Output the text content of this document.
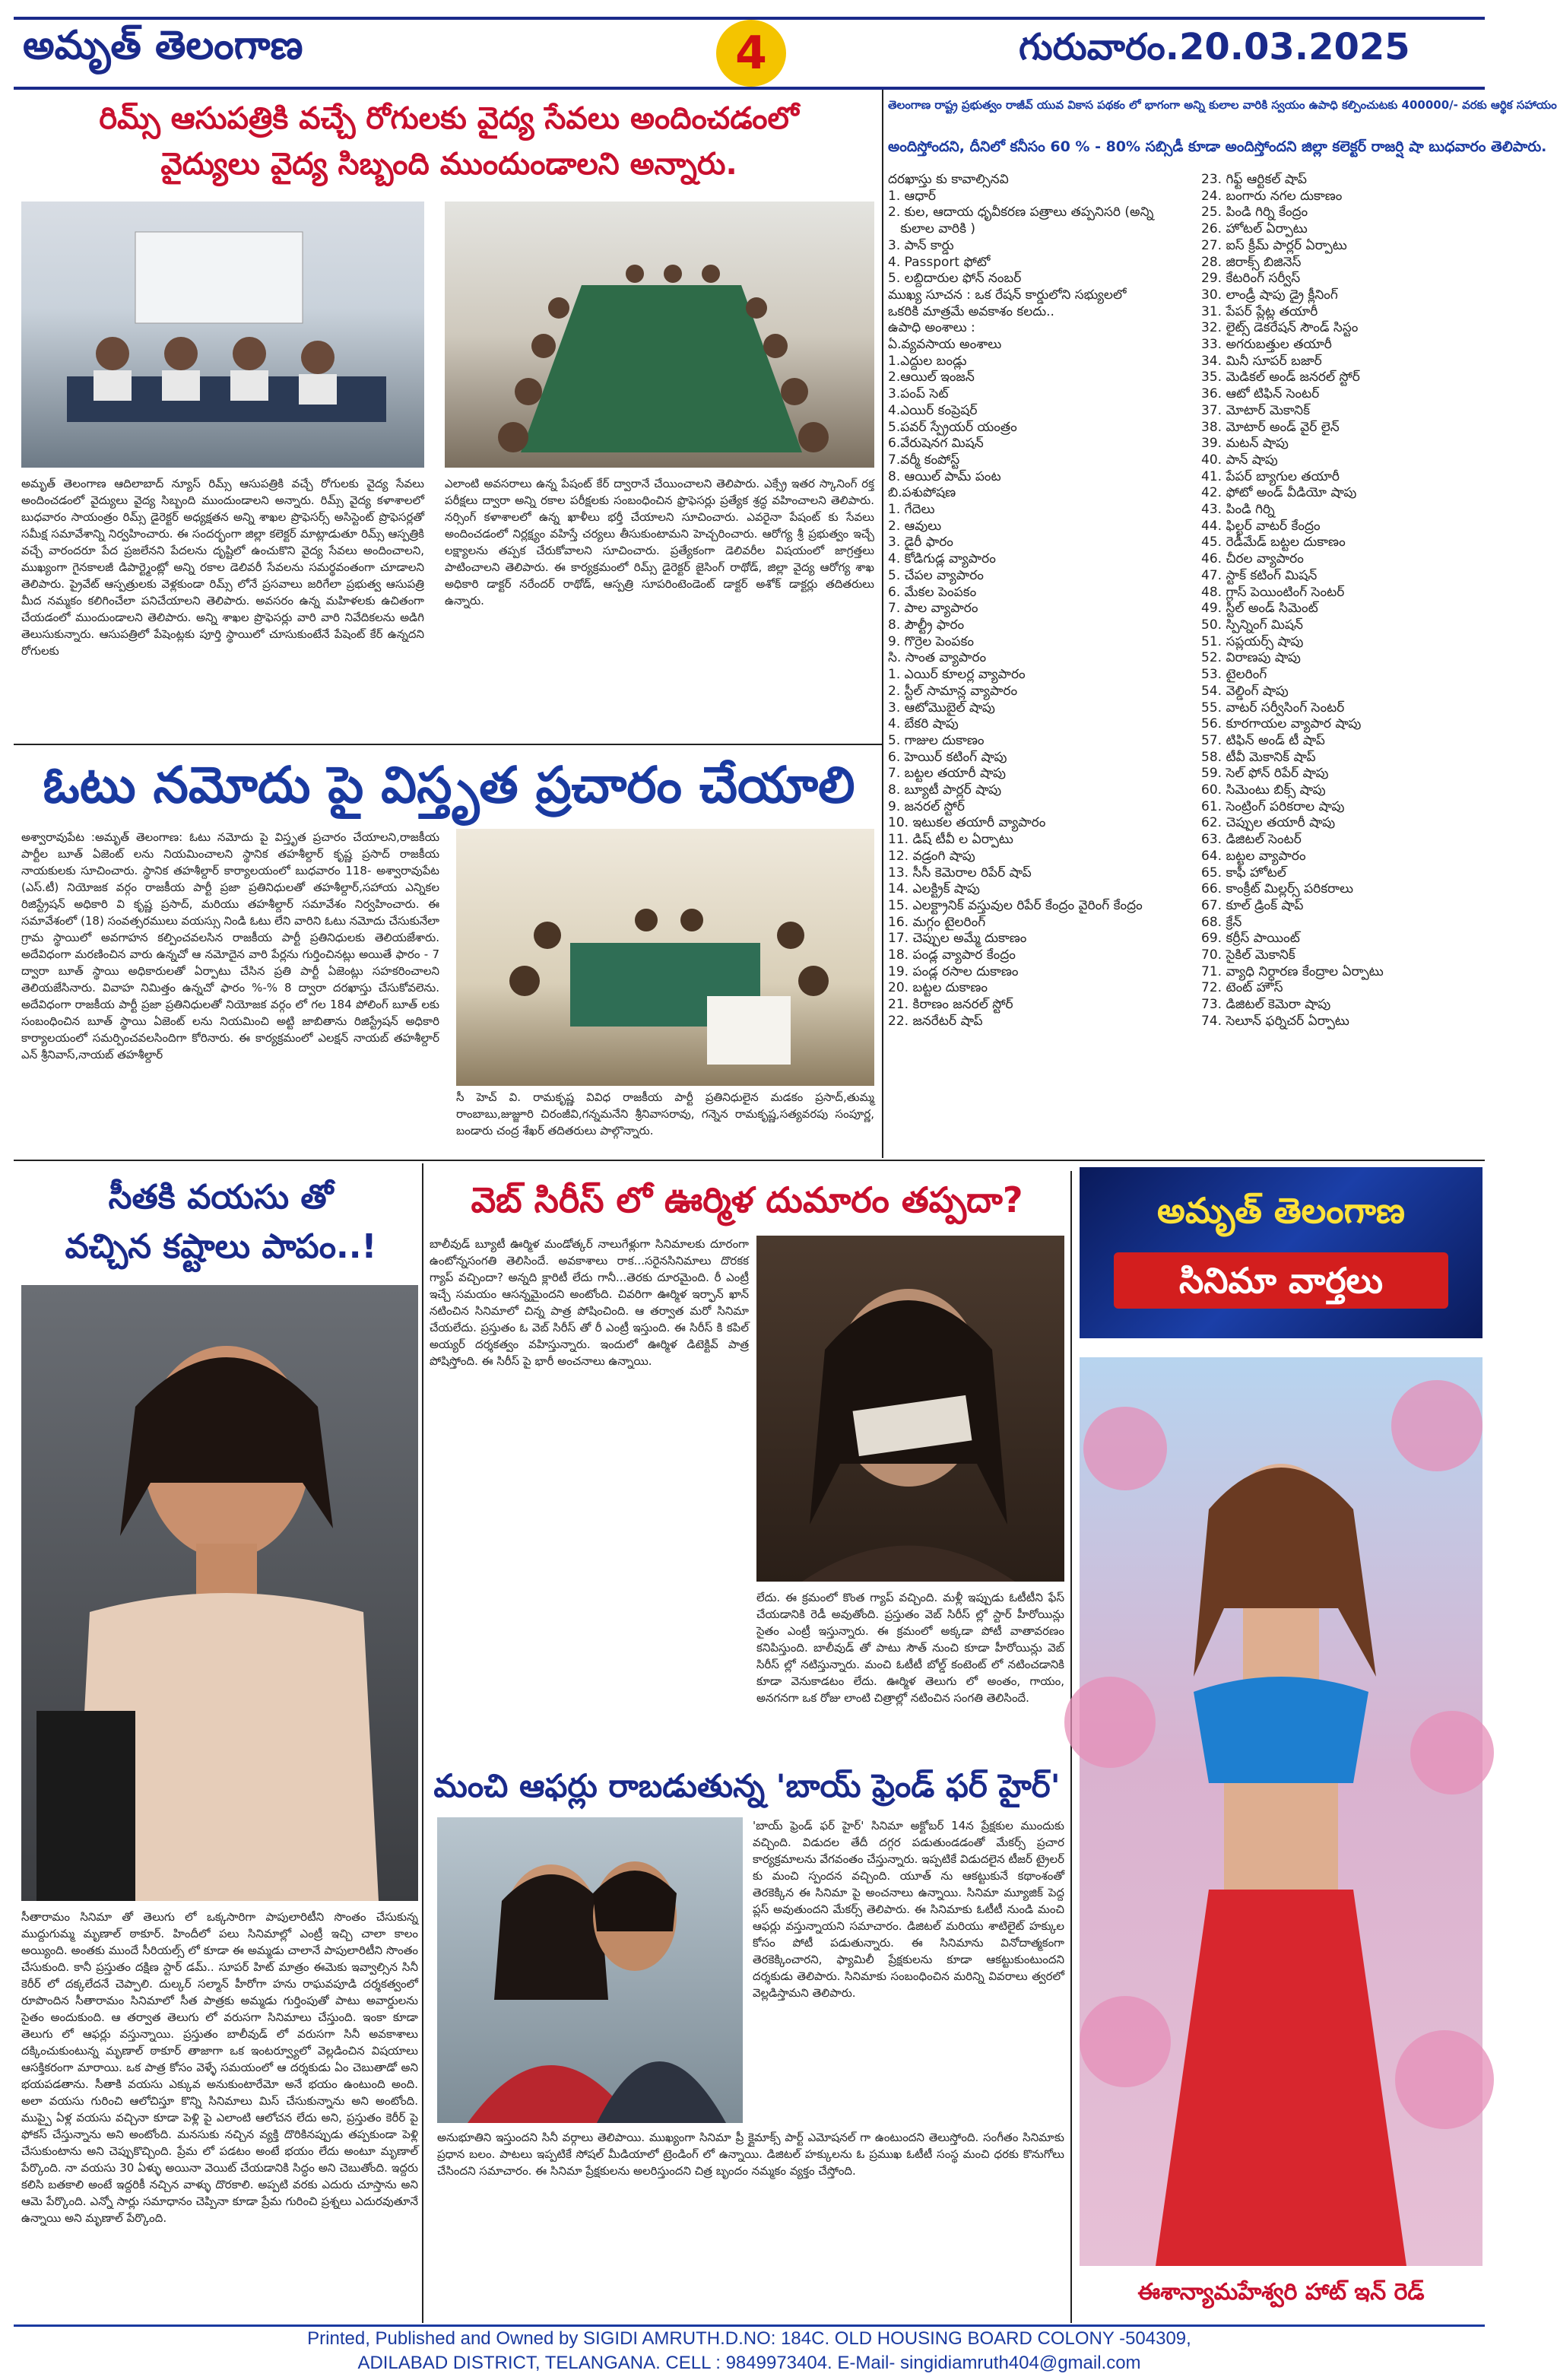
అమృత్ తెలంగాణ	4	గురువారం.20.03.2025
రిమ్స్ ఆసుపత్రికి వచ్చే రోగులకు వైద్య సేవలు అందించడంలో
వైద్యులు వైద్య సిబ్బంది ముందుండాలని అన్నారు.
అమృత్ తెలంగాణ ఆదిలాబాద్ న్యూస్ రిమ్స్ ఆసుపత్రికి వచ్చే రోగులకు వైద్య సేవలు అందించడంలో వైద్యులు వైద్య సిబ్బంది ముందుండాలని అన్నారు. రిమ్స్ వైద్య కళాశాలలో బుధవారం సాయంత్రం రిమ్స్ డైరెక్టర్ అధ్యక్షతన అన్ని శాఖల ప్రొఫెసర్స్ అసిస్టెంట్ ప్రొఫెసర్లతో సమీక్ష సమావేశాన్ని నిర్వహించారు. ఈ సందర్భంగా జిల్లా కలెక్టర్ మాట్లాడుతూ రిమ్స్ ఆస్పత్రికి వచ్చే వారందరూ పేద ప్రజలేనని పేదలను దృష్టిలో ఉంచుకొని వైద్య సేవలు అందించాలని, ముఖ్యంగా గైనకాలజీ డిపార్ట్మెంట్లో అన్ని రకాల డెలివరీ సేవలను సమర్థవంతంగా చూడాలని తెలిపారు. ప్రైవేట్ ఆస్పత్రులకు వెళ్లకుండా రిమ్స్ లోనే ప్రసవాలు జరిగేలా ప్రభుత్వ ఆసుపత్రి మీద నమ్మకం కలిగించేలా పనిచేయాలని తెలిపారు. అవసరం ఉన్న మహిళలకు ఉచితంగా చేయడంలో ముందుండాలని తెలిపారు. అన్ని శాఖల ప్రొఫెసర్లు వారి వారి నివేదికలను అడిగి తెలుసుకున్నారు. ఆసుపత్రిలో పేషెంట్లకు పూర్తి స్థాయిలో చూసుకుంటేనే పేషెంట్ కేర్ ఉన్నదని రోగులకు
ఎలాంటి అవసరాలు ఉన్న పేషంట్ కేర్ ద్వారానే చేయించాలని తెలిపారు. ఎక్స్రే ఇతర స్కానింగ్ రక్త పరీక్షలు ద్వారా అన్ని రకాల పరీక్షలకు సంబంధించిన ఫ్రొఫెసర్లు ప్రత్యేక శ్రద్ధ వహించాలని తెలిపారు. నర్సింగ్ కళాశాలలో ఉన్న ఖాళీలు భర్తీ చేయాలని సూచించారు. ఎవరైనా పేషంట్ కు సేవలు అందించడంలో నిర్లక్ష్యం వహిస్తే చర్యలు తీసుకుంటామని హెచ్చరించారు. ఆరోగ్య శ్రీ ప్రభుత్వం ఇచ్చే లక్ష్యాలను తప్పక చేరుకోవాలని సూచించారు. ప్రత్యేకంగా డెలివరీల విషయంలో జాగ్రత్తలు పాటించాలని తెలిపారు. ఈ కార్యక్రమంలో రిమ్స్ డైరెక్టర్ జైసింగ్ రాథోడ్, జిల్లా వైద్య ఆరోగ్య శాఖ అధికారి డాక్టర్ నరేందర్ రాథోడ్, ఆస్పత్రి సూపరింటెండెంట్ డాక్టర్ అశోక్ డాక్టర్లు తదితరులు ఉన్నారు.
తెలంగాణ రాష్ట్ర ప్రభుత్వం రాజీవ్ యువ వికాస పథకం లో భాగంగా అన్ని కులాల వారికి స్వయం ఉపాధి కల్పించుటకు 400000/- వరకు ఆర్థిక సహాయం
అందిస్తోందని, దీనిలో కనీసం 60 % - 80% సబ్సిడీ కూడా అందిస్తోందని జిల్లా కలెక్టర్ రాజర్షి షా బుధవారం తెలిపారు.
దరఖాస్తు కు కావాల్సినవి
1. ఆధార్
2. కుల, ఆదాయ ధృవీకరణ పత్రాలు తప్పనిసరి (అన్ని
కులాల వారికి )
3. పాన్ కార్డు
4. Passport ఫోటో
5. లబ్దిదారుల ఫోన్ నంబర్
ముఖ్య సూచన : ఒక రేషన్ కార్డులోని సభ్యులలో
ఒకరికి మాత్రమే అవకాశం కలదు..
ఉపాధి అంశాలు :
ఏ.వ్యవసాయ అంశాలు
1.ఎద్దుల బండ్లు
2.ఆయిల్ ఇంజన్
3.పంప్ సెట్
4.ఎయిర్ కంప్రెషర్
5.పవర్ స్ప్రేయర్ యంత్రం
6.వేరుషెనగ మిషన్
7.వర్మీ కంపోస్ట్
8. ఆయిల్ పామ్ పంట
బి.పశుపోషణ
1. గేదెలు
2. ఆవులు
3. డైరీ ఫారం
4. కోడిగుడ్ల వ్యాపారం
5. చేపల వ్యాపారం
6. మేకల పెంపకం
7. పాల వ్యాపారం
8. పౌల్ట్రీ ఫారం
9. గొర్రెల పెంపకం
సి. సాంత వ్యాపారం
1. ఎయిర్ కూలర్ల వ్యాపారం
2. స్టీల్ సామాన్ల వ్యాపారం
3. ఆటోమొబైల్ షాపు
4. బేకరి షాపు
5. గాజుల దుకాణం
6. హెయిర్ కటింగ్ షాపు
7. బట్టల తయారీ షాపు
8. బ్యూటీ పార్లర్ షాపు
9. జనరల్ స్టోర్
10. ఇటుకల తయారీ వ్యాపారం
11. డిష్ టీవీ ల ఏర్పాటు
12. వడ్రంగి షాపు
13. సీసీ కెమెరాల రిపేర్ షాప్
14. ఎలక్ట్రిక్ షాపు
15. ఎలక్ట్రానిక్ వస్తువుల రిపేర్ కేంద్రం వైరింగ్ కేంద్రం
16. మగ్గం టైలరింగ్
17. చెప్పుల అమ్మే దుకాణం
18. పండ్ల వ్యాపార కేంద్రం
19. పండ్ల రసాల దుకాణం
20. బట్టల దుకాణం
21. కిరాణం జనరల్ స్టోర్
22. జనరేటర్ షాప్
23. గిఫ్ట్ ఆర్టికల్ షాప్
24. బంగారు నగల దుకాణం
25. పిండి గిర్ని కేంద్రం
26. హోటల్ ఏర్పాటు
27. ఐస్ క్రీమ్ పార్లర్ ఏర్పాటు
28. జిరాక్స్ బిజినెస్
29. కేటరింగ్ సర్వీస్
30. లాండ్రీ షాపు డ్రై క్లీనింగ్
31. పేపర్ ప్లేట్ల తయారీ
32. లైట్స్ డెకరేషన్ సౌండ్ సిస్టం
33. అగరుబత్తుల తయారీ
34. మినీ సూపర్ బజార్
35. మెడికల్ అండ్ జనరల్ స్టోర్
36. ఆటో టిఫిన్ సెంటర్
37. మోటార్ మెకానిక్
38. మోటార్ అండ్ వైర్ లైన్
39. మటన్ షాపు
40. పాన్ షాపు
41. పేపర్ బ్యాగుల తయారీ
42. ఫోటో అండ్ వీడియో షాపు
43. పిండి గిర్ని
44. ఫిల్టర్ వాటర్ కేంద్రం
45. రెడీమేడ్ బట్టల దుకాణం
46. చీరల వ్యాపారం
47. స్టాక్ కటింగ్ మిషన్
48. గ్లాస్ పెయింటింగ్ సెంటర్
49. స్టీల్ అండ్ సిమెంట్
50. స్పిన్నింగ్ మిషన్
51. సప్లయర్స్ షాపు
52. విరాణపు షాపు
53. టైలరింగ్
54. వెల్డింగ్ షాపు
55. వాటర్ సర్వీసింగ్ సెంటర్
56. కూరగాయల వ్యాపార షాపు
57. టిఫిన్ అండ్ టీ షాప్
58. టీవీ మెకానిక్ షాప్
59. సెల్ ఫోన్ రిపేర్ షాపు
60. సిమెంటు బిక్స్ షాపు
61. సెంట్రింగ్ పరికరాల షాపు
62. చెప్పుల తయారీ షాపు
63. డిజిటల్ సెంటర్
64. బట్టల వ్యాపారం
65. కాఫీ హోటల్
66. కాంక్రీట్ మిల్లర్స్ పరికరాలు
67. కూల్ డ్రింక్ షాప్
68. క్రేన్
69. కర్రీస్ పాయింట్
70. సైకిల్ మెకానిక్
71. వ్యాధి నిర్ధారణ కేంద్రాల ఏర్పాటు
72. టెంట్ హౌస్
73. డిజిటల్ కెమెరా షాపు
74. సెలూన్ ఫర్నిచర్ ఏర్పాటు
ఓటు నమోదు పై విస్తృత ప్రచారం చేయాలి
అశ్వారావుపేట :అమృత్ తెలంగాణ: ఓటు నమోదు పై విస్తృత ప్రచారం చేయాలని,రాజకీయ పార్టీల బూత్ ఏజెంట్ లను నియమించాలని స్థానిక తహశీల్దార్ కృష్ణ ప్రసాద్ రాజకీయ నాయకులకు సూచించారు. స్థానిక తహశీల్దార్ కార్యాలయంలో బుధవారం 118- అశ్వారావుపేట (ఎస్.టీ) నియోజక వర్గం రాజకీయ పార్టీ ప్రజా ప్రతినిధులతో తహశీల్దార్,సహాయ ఎన్నికల రిజిస్ట్రేషన్ అధికారి వి కృష్ణ ప్రసాద్, మరియు తహశీల్దార్ సమావేశం నిర్వహించారు. ఈ సమావేశంలో (18) సంవత్సరములు వయస్సు నిండి ఓటు లేని వారిని ఓటు నమోదు చేసుకునేలా గ్రామ స్థాయిలో అవగాహన కల్పించవలసిన రాజకీయ పార్టీ ప్రతినిధులకు తెలియజేశారు. అదేవిధంగా మరణించిన వారు ఉన్నచో ఆ నమోదైన వారి పేర్లను గుర్తించినట్లు అయితే ఫారం - 7 ద్వారా బూత్ స్థాయి అధికారులతో ఏర్పాటు చేసిన ప్రతి పార్టీ ఏజెంట్లు సహకరించాలని తెలియజేసినారు. వివాహ నిమిత్తం ఉన్నచో ఫారం %-% 8 ద్వారా దరఖాస్తు చేసుకోవలెను. అదేవిధంగా రాజకీయ పార్టీ ప్రజా ప్రతినిధులతో నియోజక వర్గం లో గల 184 పోలింగ్ బూత్ లకు సంబంధించిన బూత్ స్థాయి ఏజెంట్ లను నియమించి అట్టి జాబితాను రిజిస్ట్రేషన్ అధికారి కార్యాలయంలో సమర్పించవలసిందిగా కోరినారు. ఈ కార్యక్రమంలో ఎలక్షన్ నాయబ్ తహశీల్దార్ ఎన్ శ్రీనివాస్,నాయబ్ తహశీల్దార్
సీ హెచ్ వి. రామకృష్ణ వివిధ రాజకీయ పార్టీ ప్రతినిధులైన మడకం ప్రసాద్,తుమ్మ రాంబాబు,జుజ్జూరి చిరంజీవి,గన్నమనేని శ్రీనివాసరావు, గన్నెన రామకృష్ణ,సత్యవరపు సంపూర్ణ, బండారు చంద్ర శేఖర్ తదితరులు పాల్గొన్నారు.
సీతకి వయసు తో
వచ్చిన కష్టాలు పాపం..!
సీతారామం సినిమా తో తెలుగు లో ఒక్కసారిగా పాపులారిటీని సొంతం చేసుకున్న ముద్దుగుమ్మ మృణాల్ ఠాకూర్. హిందీలో పలు సినిమాల్లో ఎంట్రీ ఇచ్చి చాలా కాలం అయ్యింది. అంతకు ముందే సీరియల్స్ లో కూడా ఈ అమ్మడు చాలానే పాపులారిటీని సొంతం చేసుకుంది. కానీ ప్రస్తుతం దక్షిణ స్టార్ డమ్.. సూపర్ హిట్ మాత్రం ఈమెకు ఇవ్వాల్సిన సినీ కెరీర్ లో దక్కలేదనే చెప్పాలి. దుల్కర్ సల్మాన్ హీరోగా హను రాఘవపూడి దర్శకత్వంలో రూపొందిన సీతారామం సినిమాలో సీత పాత్రకు అమ్మడు గుర్తింపుతో పాటు అవార్డులను సైతం అందుకుంది. ఆ తర్వాత తెలుగు లో వరుసగా సినిమాలు చేస్తుంది. ఇంకా కూడా తెలుగు లో ఆఫర్లు వస్తున్నాయి. ప్రస్తుతం బాలీవుడ్ లో వరుసగా సినీ అవకాశాలు దక్కించుకుంటున్న మృణాల్ ఠాకూర్ తాజాగా ఒక ఇంటర్వ్యూలో వెల్లడించిన విషయాలు ఆసక్తికరంగా మారాయి. ఒక పాత్ర కోసం వెళ్ళే సమయంలో ఆ దర్శకుడు ఏం చెబుతాడో అని భయపడతాను. సీతాకి వయసు ఎక్కువ అనుకుంటారేమో అనే భయం ఉంటుంది అంది. అలా వయసు గురించి ఆలోచిస్తూ కొన్ని సినిమాలు మిస్ చేసుకున్నాను అని అంటోంది. ముప్పై ఏళ్ల వయసు వచ్చినా కూడా పెళ్లి పై ఎలాంటి ఆలోచన లేదు అని, ప్రస్తుతం కెరీర్ పై ఫోకస్ చేస్తున్నాను అని అంటోంది. మనసుకు నచ్చిన వ్యక్తి దొరికినప్పుడు తప్పకుండా పెళ్లి చేసుకుంటాను అని చెప్పుకొచ్చింది. ప్రేమ లో పడటం అంటే భయం లేదు అంటూ మృణాల్ పేర్కొంది. నా వయసు 30 ఏళ్ళు అయినా వెయిట్ చేయడానికి సిద్ధం అని చెబుతోంది. ఇద్దరు కలిసి బతకాలి అంటే ఇద్దరికీ నచ్చిన వాళ్ళు దొరకాలి. అప్పటి వరకు ఎదురు చూస్తాను అని ఆమె పేర్కొంది. ఎన్నో సార్లు సమాధానం చెప్పినా కూడా ప్రేమ గురించి ప్రశ్నలు ఎదురవుతూనే ఉన్నాయి అని మృణాల్ పేర్కొంది.
వెబ్ సిరీస్ లో ఊర్మిళ దుమారం తప్పదా?
బాలీవుడ్ బ్యూటీ ఊర్మిళ మండోత్కర్ నాలుగేళ్లుగా సినిమాలకు దూరంగా ఉంటోన్నసంగతి తెలిసిందే. అవకాశాలు రాక...సరైనసినిమాలు దొరకక గ్యాప్ వచ్చిందా? అన్నది క్లారిటీ లేదు గానీ...తెరకు దూరమైంది. రీ ఎంట్రీ ఇచ్చే సమయం ఆసన్నమైందని అంటోంది. చివరిగా ఊర్మిళ ఇర్ఫాన్ ఖాన్ నటించిన సినిమాలో చిన్న పాత్ర పోషించింది. ఆ తర్వాత మరో సినిమా చేయలేదు. ప్రస్తుతం ఓ వెబ్ సిరీస్ తో రీ ఎంట్రీ ఇస్తుంది. ఈ సిరీస్ కి కపిల్ అయ్యర్ దర్శకత్వం వహిస్తున్నారు. ఇందులో ఊర్మిళ డిటెక్టివ్ పాత్ర పోషిస్తోంది. ఈ సిరీస్ పై భారీ అంచనాలు ఉన్నాయి.
లేదు. ఈ క్రమంలో కొంత గ్యాప్ వచ్చింది. మళ్లీ ఇప్పుడు ఓటీటీని ఫేస్ చేయడానికి రెడీ అవుతోంది. ప్రస్తుతం వెబ్ సిరీస్ ల్లో స్టార్ హీరోయిన్లు సైతం ఎంట్రీ ఇస్తున్నారు. ఈ క్రమంలో అక్కడా పోటీ వాతావరణం కనిపిస్తుంది. బాలీవుడ్ తో పాటు సౌత్ నుంచి కూడా హీరోయిన్లు వెబ్ సిరీస్ ల్లో నటిస్తున్నారు. మంచి ఓటీటీ బోల్డ్ కంటెంట్ లో నటించడానికి కూడా వెనుకాడటం లేదు. ఊర్మిళ తెలుగు లో అంతం, గాయం, అనగనగా ఒక రోజు లాంటి చిత్రాల్లో నటించిన సంగతి తెలిసిందే.
మంచి ఆఫర్లు రాబడుతున్న 'బాయ్ ఫ్రెండ్ ఫర్ హైర్'
'బాయ్ ఫ్రెండ్ ఫర్ హైర్' సినిమా అక్టోబర్ 14న ప్రేక్షకుల ముందుకు వచ్చింది. విడుదల తేదీ దగ్గర పడుతుండడంతో మేకర్స్ ప్రచార కార్యక్రమాలను వేగవంతం చేస్తున్నారు. ఇప్పటికే విడుదలైన టీజర్ ట్రైలర్ కు మంచి స్పందన వచ్చింది. యూత్ ను ఆకట్టుకునే కథాంశంతో తెరకెక్కిన ఈ సినిమా పై అంచనాలు ఉన్నాయి. సినిమా మ్యూజిక్ పెద్ద ప్లస్ అవుతుందని మేకర్స్ తెలిపారు. ఈ సినిమాకు ఓటీటీ నుండి మంచి ఆఫర్లు వస్తున్నాయని సమాచారం. డిజిటల్ మరియు శాటిలైట్ హక్కుల కోసం పోటీ పడుతున్నారు. ఈ సినిమాను వినోదాత్మకంగా తెరకెక్కించారని, ఫ్యామిలీ ప్రేక్షకులను కూడా ఆకట్టుకుంటుందని దర్శకుడు తెలిపారు. సినిమాకు సంబంధించిన మరిన్ని వివరాలు త్వరలో వెల్లడిస్తామని తెలిపారు.
అనుభూతిని ఇస్తుందని సినీ వర్గాలు తెలిపాయి. ముఖ్యంగా సినిమా ప్రీ క్లైమాక్స్ పార్ట్ ఎమోషనల్ గా ఉంటుందని తెలుస్తోంది. సంగీతం సినిమాకు ప్రధాన బలం. పాటలు ఇప్పటికే సోషల్ మీడియాలో ట్రెండింగ్ లో ఉన్నాయి. డిజిటల్ హక్కులను ఓ ప్రముఖ ఓటీటీ సంస్థ మంచి ధరకు కొనుగోలు చేసిందని సమాచారం. ఈ సినిమా ప్రేక్షకులను అలరిస్తుందని చిత్ర బృందం నమ్మకం వ్యక్తం చేస్తోంది.
అమృత్ తెలంగాణ
సినిమా వార్తలు
ఈశాన్యామహేశ్వరి హాట్ ఇన్ రెడ్
Printed, Published and Owned by SIGIDI AMRUTH.D.NO: 184C. OLD HOUSING BOARD COLONY -504309,
ADILABAD DISTRICT, TELANGANA. CELL : 9849973404. E-Mail- singidiamruth404@gmail.com
